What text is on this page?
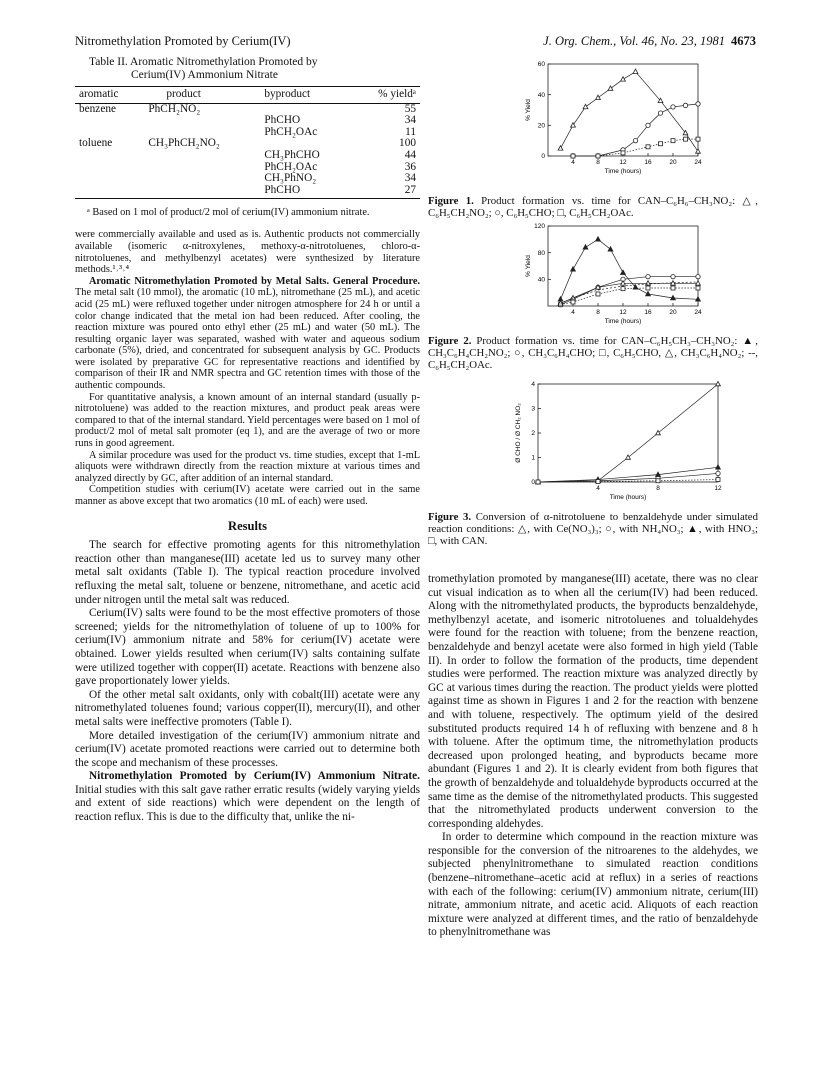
Nitromethylation Promoted by Cerium(IV)	J. Org. Chem., Vol. 46, No. 23, 1981 4673
Table II. Aromatic Nitromethylation Promoted by
Cerium(IV) Ammonium Nitrate
aromatic	product	byproduct	% yieldᵃ
benzene	PhCH₂NO₂		55
		PhCHO	34
		PhCH₂OAc	11
toluene	CH₃PhCH₂NO₂		100
		CH₃PhCHO	44
		PhCH₂OAc	36
		CH₃PhNO₂	34
		PhCHO	27
ᵃ Based on 1 mol of product/2 mol of cerium(IV) ammonium nitrate.

were commercially available and used as is. Authentic products not commercially available (isomeric α-nitroxylenes, methoxy-α-nitrotoluenes, chloro-α-nitrotoluenes, and methylbenzyl acetates) were synthesized by literature methods.¹˒³˒⁴

Aromatic Nitromethylation Promoted by Metal Salts. General Procedure. The metal salt (10 mmol), the aromatic (10 mL), nitromethane (25 mL), and acetic acid (25 mL) were refluxed together under nitrogen atmosphere for 24 h or until a color change indicated that the metal ion had been reduced. After cooling, the reaction mixture was poured onto ethyl ether (25 mL) and water (50 mL). The resulting organic layer was separated, washed with water and aqueous sodium carbonate (5%), dried, and concentrated for subsequent analysis by GC. Products were isolated by preparative GC for representative reactions and identified by comparison of their IR and NMR spectra and GC retention times with those of the authentic compounds.

For quantitative analysis, a known amount of an internal standard (usually p-nitrotoluene) was added to the reaction mixtures, and product peak areas were compared to that of the internal standard. Yield percentages were based on 1 mol of product/2 mol of metal salt promoter (eq 1), and are the average of two or more runs in good agreement.

A similar procedure was used for the product vs. time studies, except that 1-mL aliquots were withdrawn directly from the reaction mixture at various times and analyzed directly by GC, after addition of an internal standard.

Competition studies with cerium(IV) acetate were carried out in the same manner as above except that two aromatics (10 mL of each) were used.

Results

The search for effective promoting agents for this nitromethylation reaction other than manganese(III) acetate led us to survey many other metal salt oxidants (Table I). The typical reaction procedure involved refluxing the metal salt, toluene or benzene, nitromethane, and acetic acid under nitrogen until the metal salt was reduced.

Cerium(IV) salts were found to be the most effective promoters of those screened; yields for the nitromethylation of toluene of up to 100% for cerium(IV) ammonium nitrate and 58% for cerium(IV) acetate were obtained. Lower yields resulted when cerium(IV) salts containing sulfate were utilized together with copper(II) acetate. Reactions with benzene also gave proportionately lower yields.

Of the other metal salt oxidants, only with cobalt(III) acetate were any nitromethylated toluenes found; various copper(II), mercury(II), and other metal salts were ineffective promoters (Table I).

More detailed investigation of the cerium(IV) ammonium nitrate and cerium(IV) acetate promoted reactions were carried out to determine both the scope and mechanism of these processes.

Nitromethylation Promoted by Cerium(IV) Ammonium Nitrate. Initial studies with this salt gave rather erratic results (widely varying yields and extent of side reactions) which were dependent on the length of reaction reflux. This is due to the difficulty that, unlike the ni-

4	8	12	16	20	24
0
20
40
60
Time (hours)
% Yield
Figure 1. Product formation vs. time for CAN–C₆H₆–CH₃NO₂: △, C₆H₅CH₂NO₂; ○, C₆H₅CHO; □, C₆H₅CH₂OAc.
4	8	12	16	20	24
40
80
120
Time (hours)
% Yield
Figure 2. Product formation vs. time for CAN–C₆H₅CH₃–CH₃NO₂: ▲, CH₃C₆H₄CH₂NO₂; ○, CH₃C₆H₄CHO; □, C₆H₅CHO, △, CH₃C₆H₄NO₂; --, C₆H₅CH₂OAc.
4	8	12
0
1
2
3
4
Time (hours)
Ø CHO / Ø CH₂ NO₂
Figure 3. Conversion of α-nitrotoluene to benzaldehyde under simulated reaction conditions: △, with Ce(NO₃)₃; ○, with NH₄NO₃; ▲, with HNO₃; □, with CAN.

tromethylation promoted by manganese(III) acetate, there was no clear cut visual indication as to when all the cerium(IV) had been reduced. Along with the nitromethylated products, the byproducts benzaldehyde, methylbenzyl acetate, and isomeric nitrotoluenes and tolualdehydes were found for the reaction with toluene; from the benzene reaction, benzaldehyde and benzyl acetate were also formed in high yield (Table II). In order to follow the formation of the products, time dependent studies were performed. The reaction mixture was analyzed directly by GC at various times during the reaction. The product yields were plotted against time as shown in Figures 1 and 2 for the reaction with benzene and with toluene, respectively. The optimum yield of the desired substituted products required 14 h of refluxing with benzene and 8 h with toluene. After the optimum time, the nitromethylation products decreased upon prolonged heating, and byproducts became more abundant (Figures 1 and 2). It is clearly evident from both figures that the growth of benzaldehyde and tolualdehyde byproducts occurred at the same time as the demise of the nitromethylated products. This suggested that the nitromethylated products underwent conversion to the corresponding aldehydes.

In order to determine which compound in the reaction mixture was responsible for the conversion of the nitroarenes to the aldehydes, we subjected phenylnitromethane to simulated reaction conditions (benzene–nitromethane–acetic acid at reflux) in a series of reactions with each of the following: cerium(IV) ammonium nitrate, cerium(III) nitrate, ammonium nitrate, and acetic acid. Aliquots of each reaction mixture were analyzed at different times, and the ratio of benzaldehyde to phenylnitromethane was
